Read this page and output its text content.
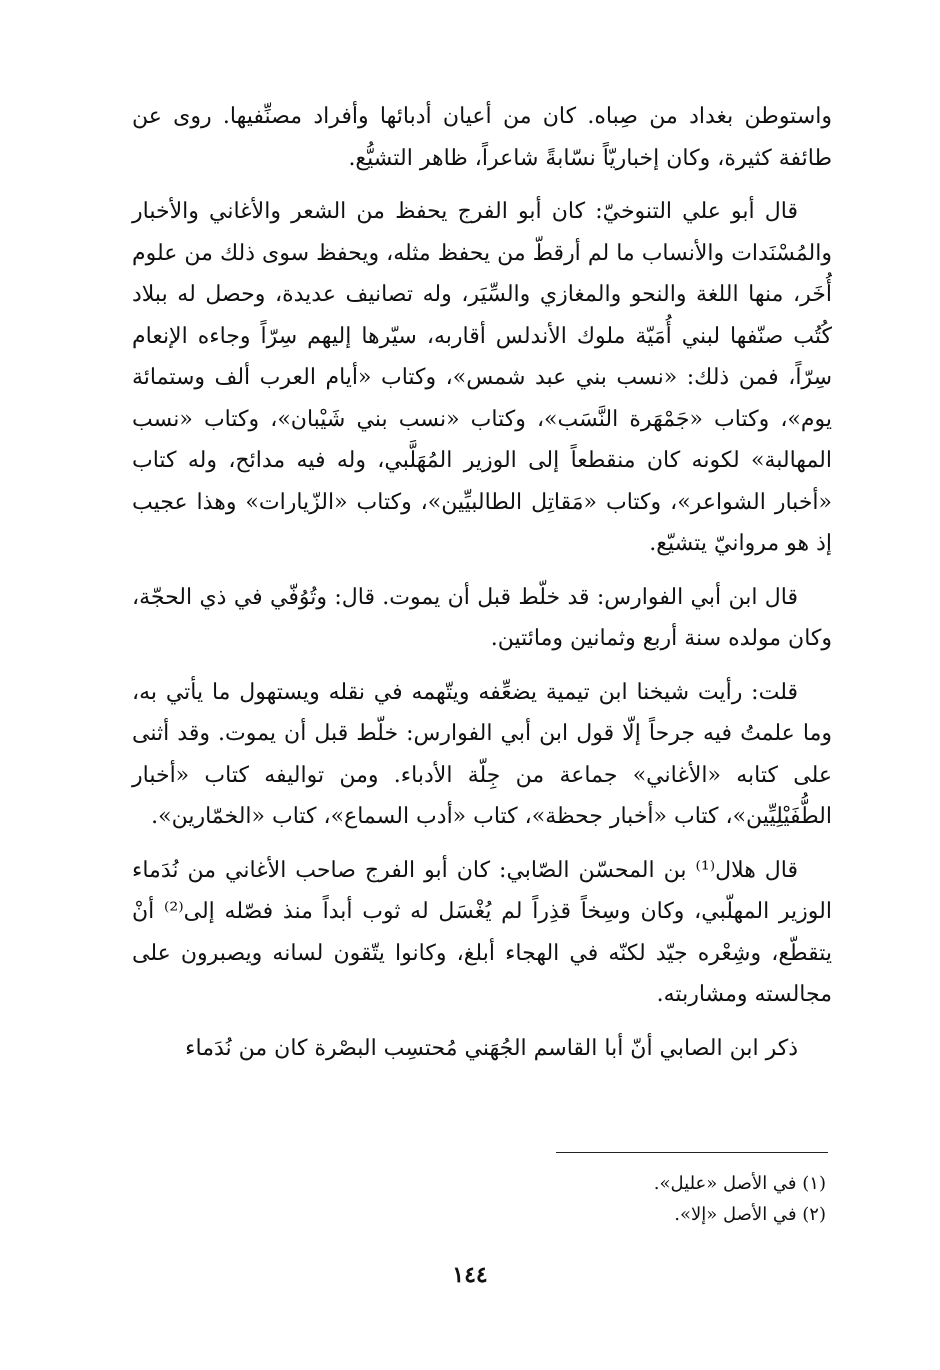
واستوطن بغداد من صِباه. كان من أعيان أدبائها وأفراد مصنِّفيها. روى عن طائفة كثيرة، وكان إخباريّاً نسّابةً شاعراً، ظاهر التشيُّع.

قال أبو علي التنوخيّ: كان أبو الفرج يحفظ من الشعر والأغاني والأخبار والمُسْنَدات والأنساب ما لم أرقطّ من يحفظ مثله، ويحفظ سوى ذلك من علوم أُخَر، منها اللغة والنحو والمغازي والسِّيَر، وله تصانيف عديدة، وحصل له ببلاد كُتُب صنّفها لبني أُمَيّة ملوك الأندلس أقاربه، سيّرها إليهم سِرّاً وجاءه الإنعام سِرّاً، فمن ذلك: «نسب بني عبد شمس»، وكتاب «أيام العرب ألف وستمائة يوم»، وكتاب «جَمْهَرة النَّسَب»، وكتاب «نسب بني شَيْبان»، وكتاب «نسب المهالبة» لكونه كان منقطعاً إلى الوزير المُهَلَّبي، وله فيه مدائح، وله كتاب «أخبار الشواعر»، وكتاب «مَقاتِل الطالبيِّين»، وكتاب «الزّيارات» وهذا عجيب إذ هو مروانيّ يتشيّع.

قال ابن أبي الفوارس: قد خلّط قبل أن يموت. قال: وتُوُفّي في ذي الحجّة، وكان مولده سنة أربع وثمانين ومائتين.

قلت: رأيت شيخنا ابن تيمية يضعِّفه ويتّهمه في نقله ويستهول ما يأتي به، وما علمتُ فيه جرحاً إلّا قول ابن أبي الفوارس: خلّط قبل أن يموت. وقد أثنى على كتابه «الأغاني» جماعة من جِلّة الأدباء. ومن تواليفه كتاب «أخبار الطُّفَيْلِيِّين»، كتاب «أخبار جحظة»، كتاب «أدب السماع»، كتاب «الخمّارين».

قال هلال⁽¹⁾ بن المحسّن الصّابي: كان أبو الفرج صاحب الأغاني من نُدَماء الوزير المهلّبي، وكان وسِخاً قذِراً لم يُغْسَل له ثوب أبداً منذ فصّله إلى⁽²⁾ أنْ يتقطّع، وشِعْره جيّد لكنّه في الهجاء أبلغ، وكانوا يتّقون لسانه ويصبرون على مجالسته ومشاربته.

ذكر ابن الصابي أنّ أبا القاسم الجُهَني مُحتسِب البصْرة كان من نُدَماء

(١) في الأصل «عليل».
(٢) في الأصل «إلا».
١٤٤
